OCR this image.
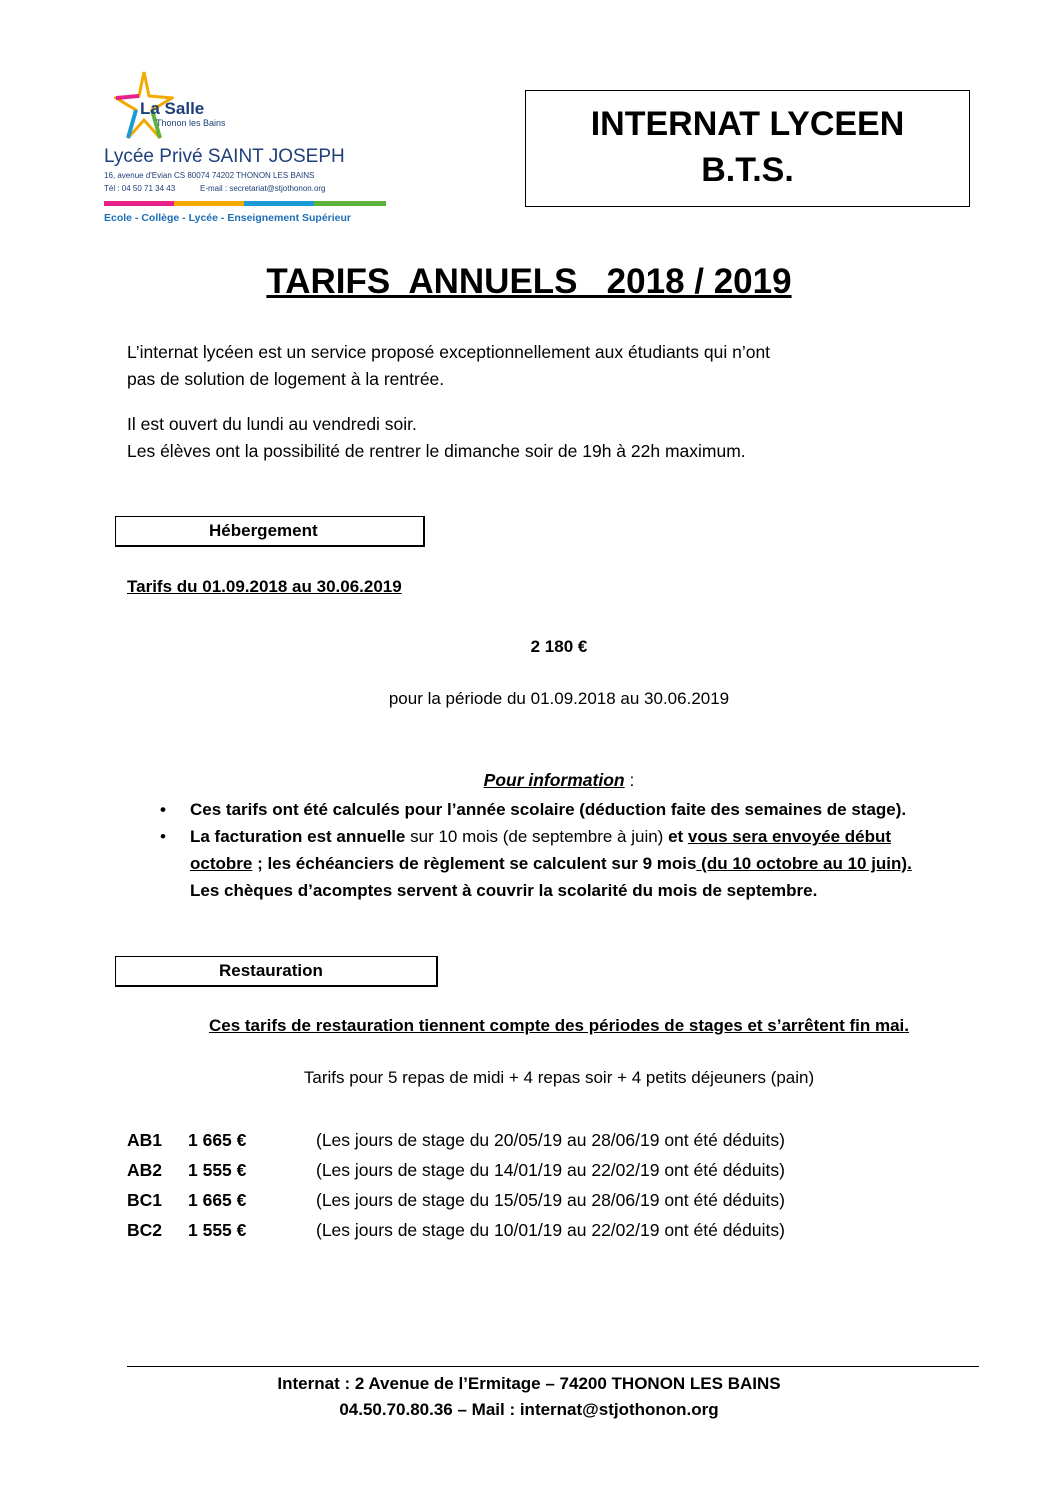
La Salle
Thonon les Bains
Lycée Privé SAINT JOSEPH
16, avenue d'Evian CS 80074 74202 THONON LES BAINS
Tél : 04 50 71 34 43	E-mail : secretariat@stjothonon.org
Ecole - Collège - Lycée - Enseignement Supérieur
INTERNAT LYCEEN
B.T.S.
TARIFS  ANNUELS   2018 / 2019
L’internat lycéen est un service proposé exceptionnellement aux étudiants qui n’ont
pas de solution de logement à la rentrée.
Il est ouvert du lundi au vendredi soir.
Les élèves ont la possibilité de rentrer le dimanche soir de 19h à 22h maximum.
Hébergement
Tarifs du 01.09.2018 au 30.06.2019
2 180 €
pour la période du 01.09.2018 au 30.06.2019
Pour information :
• Ces tarifs ont été calculés pour l’année scolaire (déduction faite des semaines de stage).
• La facturation est annuelle sur 10 mois (de septembre à juin) et vous sera envoyée début
octobre ; les échéanciers de règlement se calculent sur 9 mois (du 10 octobre au 10 juin).
Les chèques d’acomptes servent à couvrir la scolarité du mois de septembre.
Restauration
Ces tarifs de restauration tiennent compte des périodes de stages et s’arrêtent fin mai.
Tarifs pour 5 repas de midi + 4 repas soir + 4 petits déjeuners (pain)
AB1 1 665 €	(Les jours de stage du 20/05/19 au 28/06/19 ont été déduits)
AB2 1 555 €	(Les jours de stage du 14/01/19 au 22/02/19 ont été déduits)
BC1 1 665 €	(Les jours de stage du 15/05/19 au 28/06/19 ont été déduits)
BC2 1 555 €	(Les jours de stage du 10/01/19 au 22/02/19 ont été déduits)
Internat : 2 Avenue de l’Ermitage – 74200 THONON LES BAINS
04.50.70.80.36 – Mail : internat@stjothonon.org
